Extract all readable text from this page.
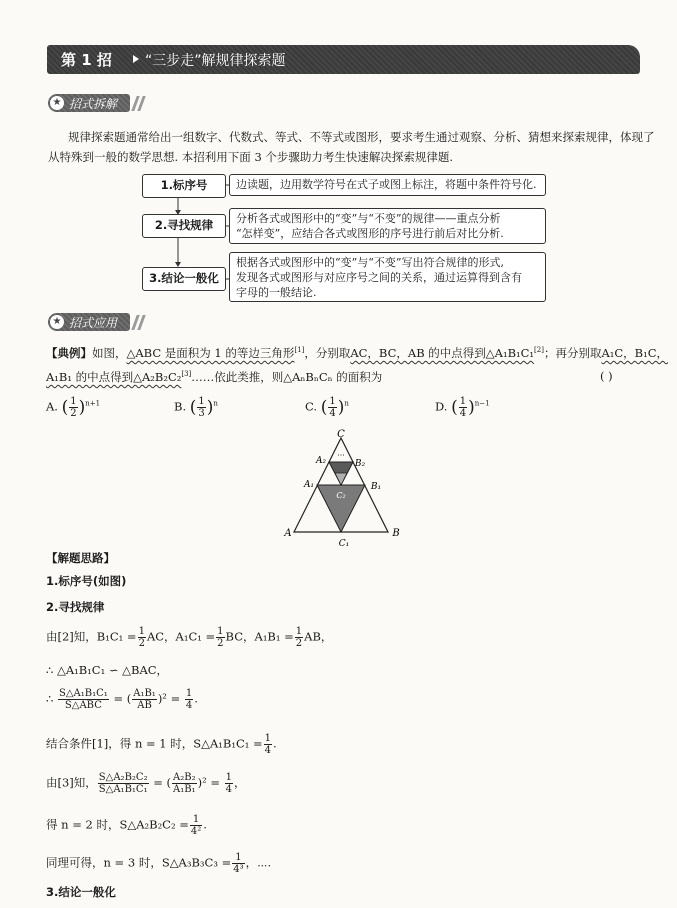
第 1 招 “三步走”解规律探索题
★ 招式拆解
规律探索题通常给出一组数字、代数式、等式、不等式或图形，要求考生通过观察、分析、猜想来探索规律，体现了
从特殊到一般的数学思想. 本招利用下面 3 个步骤助力考生快速解决探索规律题.
1.标序号	边读题，边用数学符号在式子或图上标注，将题中条件符号化.
2.寻找规律	分析各式或图形中的“变”与“不变”的规律——重点分析
“怎样变”，应结合各式或图形的序号进行前后对比分析.
3.结论一般化
根据各式或图形中的“变”与“不变”写出符合规律的形式,
发现各式或图形与对应序号之间的关系，通过运算得到含有
字母的一般结论.
★ 招式应用
【典例】如图，△ABC 是面积为 1 的等边三角形[1]，分别取AC，BC，AB 的中点得到△A₁B₁C₁[2]；再分别取A₁C，B₁C，
A₁B₁ 的中点得到△A₂B₂C₂[3]……依此类推，则△AₙBₙCₙ 的面积为	( )
A. ( $\frac{1}{2} )^{n+1}$	B. ( $\frac{1}{3} )^n$	C. ( $\frac{1}{4} )^n$	D. ( $\frac{1}{4} )^{n-1}$
···
C
A₂	B₂
A₁	B₁
C₂
A	B
C₁
【解题思路】
1.标序号(如图)
2.寻找规律
由[2]知，$B_1C_1 = \frac{1}{2}$ AC，$A_1C_1 = \frac{1}{2}$ BC，$A_1B_1 = \frac{1}{2}$ AB，
∴ △A₁B₁C₁ ∽ △BAC，
∴ $\frac{\text{S△A₁B₁C₁}}{\text{S△ABC}}$ = ( $\frac{\text{A₁B₁}}{AB} )^2 = \frac{1}{4}$ .
结合条件[1]，得 n = 1 时，S△A₁B₁C₁ = $\frac{1}{4}$ .
由[3]知， $\frac{\text{S△A₂B₂C₂}}{\text{S△A₁B₁C₁}}$ = ( $\frac{\text{A₂B₂}}{\text{A₁B₁}} )^2 = \frac{1}{4}$ ，
得 n = 2 时，S△A₂B₂C₂ = $\frac{1}{\text{4²}}$ .
同理可得，n = 3 时，S△A₃B₃C₃ = $\frac{1}{\text{4³}}$ ，⋯.
3.结论一般化
